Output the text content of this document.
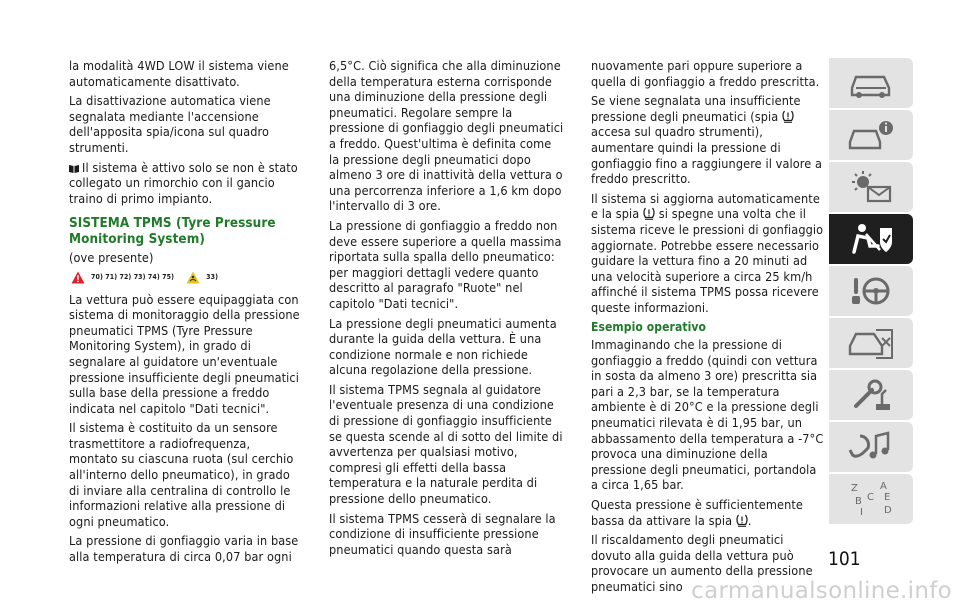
la modalità 4WD LOW il sistema viene automaticamente disattivato.

La disattivazione automatica viene segnalata mediante l'accensione dell'apposita spia/icona sul quadro strumenti.

Il sistema è attivo solo se non è stato collegato un rimorchio con il gancio traino di primo impianto.

SISTEMA TPMS (Tyre Pressure Monitoring System)

(ove presente)

70) 71) 72) 73) 74) 75)	33)

La vettura può essere equipaggiata con sistema di monitoraggio della pressione pneumatici TPMS (Tyre Pressure Monitoring System), in grado di segnalare al guidatore un'eventuale pressione insufficiente degli pneumatici sulla base della pressione a freddo indicata nel capitolo "Dati tecnici".

Il sistema è costituito da un sensore trasmettitore a radiofrequenza, montato su ciascuna ruota (sul cerchio all'interno dello pneumatico), in grado di inviare alla centralina di controllo le informazioni relative alla pressione di ogni pneumatico.

La pressione di gonfiaggio varia in base alla temperatura di circa 0,07 bar ogni

6,5°C. Ciò significa che alla diminuzione della temperatura esterna corrisponde una diminuzione della pressione degli pneumatici. Regolare sempre la pressione di gonfiaggio degli pneumatici a freddo. Quest'ultima è definita come la pressione degli pneumatici dopo almeno 3 ore di inattività della vettura o una percorrenza inferiore a 1,6 km dopo l'intervallo di 3 ore.

La pressione di gonfiaggio a freddo non deve essere superiore a quella massima riportata sulla spalla dello pneumatico: per maggiori dettagli vedere quanto descritto al paragrafo "Ruote" nel capitolo "Dati tecnici".

La pressione degli pneumatici aumenta durante la guida della vettura. È una condizione normale e non richiede alcuna regolazione della pressione.

Il sistema TPMS segnala al guidatore l'eventuale presenza di una condizione di pressione di gonfiaggio insufficiente se questa scende al di sotto del limite di avvertenza per qualsiasi motivo, compresi gli effetti della bassa temperatura e la naturale perdita di pressione dello pneumatico.

Il sistema TPMS cesserà di segnalare la condizione di insufficiente pressione pneumatici quando questa sarà

nuovamente pari oppure superiore a quella di gonfiaggio a freddo prescritta.

Se viene segnalata una insufficiente pressione degli pneumatici (spia  accesa sul quadro strumenti), aumentare quindi la pressione di gonfiaggio fino a raggiungere il valore a freddo prescritto.

Il sistema si aggiorna automaticamente e la spia si spegne una volta che il sistema riceve le pressioni di gonfiaggio aggiornate. Potrebbe essere necessario guidare la vettura fino a 20 minuti ad una velocità superiore a circa 25 km/h affinché il sistema TPMS possa ricevere queste informazioni.

Esempio operativo

Immaginando che la pressione di gonfiaggio a freddo (quindi con vettura in sosta da almeno 3 ore) prescritta sia pari a 2,3 bar, se la temperatura ambiente è di 20°C e la pressione degli pneumatici rilevata è di 1,95 bar, un abbassamento della temperatura a -7°C provoca una diminuzione della pressione degli pneumatici, portandola a circa 1,65 bar.

Questa pressione è sufficientemente bassa da attivare la spia .

Il riscaldamento degli pneumatici dovuto alla guida della vettura può provocare un aumento della pressione pneumatici sino

Z A
B C E
D
I
101
carmanualsonline.info
